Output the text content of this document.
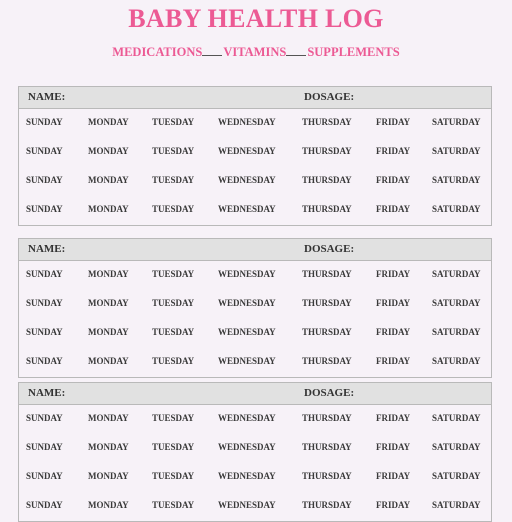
BABY HEALTH LOG
MEDICATIONS VITAMINS SUPPLEMENTS
NAME:	DOSAGE:
SUNDAY	MONDAY	TUESDAY	WEDNESDAY	THURSDAY	FRIDAY SATURDAY
SUNDAY	MONDAY	TUESDAY	WEDNESDAY	THURSDAY	FRIDAY SATURDAY
SUNDAY	MONDAY	TUESDAY	WEDNESDAY	THURSDAY	FRIDAY SATURDAY
SUNDAY	MONDAY	TUESDAY	WEDNESDAY	THURSDAY	FRIDAY SATURDAY
NAME:	DOSAGE:
SUNDAY	MONDAY	TUESDAY	WEDNESDAY	THURSDAY	FRIDAY SATURDAY
SUNDAY	MONDAY	TUESDAY	WEDNESDAY	THURSDAY	FRIDAY SATURDAY
SUNDAY	MONDAY	TUESDAY	WEDNESDAY	THURSDAY	FRIDAY SATURDAY
SUNDAY	MONDAY	TUESDAY	WEDNESDAY	THURSDAY	FRIDAY SATURDAY
NAME:	DOSAGE:
SUNDAY	MONDAY	TUESDAY	WEDNESDAY	THURSDAY	FRIDAY SATURDAY
SUNDAY	MONDAY	TUESDAY	WEDNESDAY	THURSDAY	FRIDAY SATURDAY
SUNDAY	MONDAY	TUESDAY	WEDNESDAY	THURSDAY	FRIDAY SATURDAY
SUNDAY	MONDAY	TUESDAY	WEDNESDAY	THURSDAY	FRIDAY SATURDAY
